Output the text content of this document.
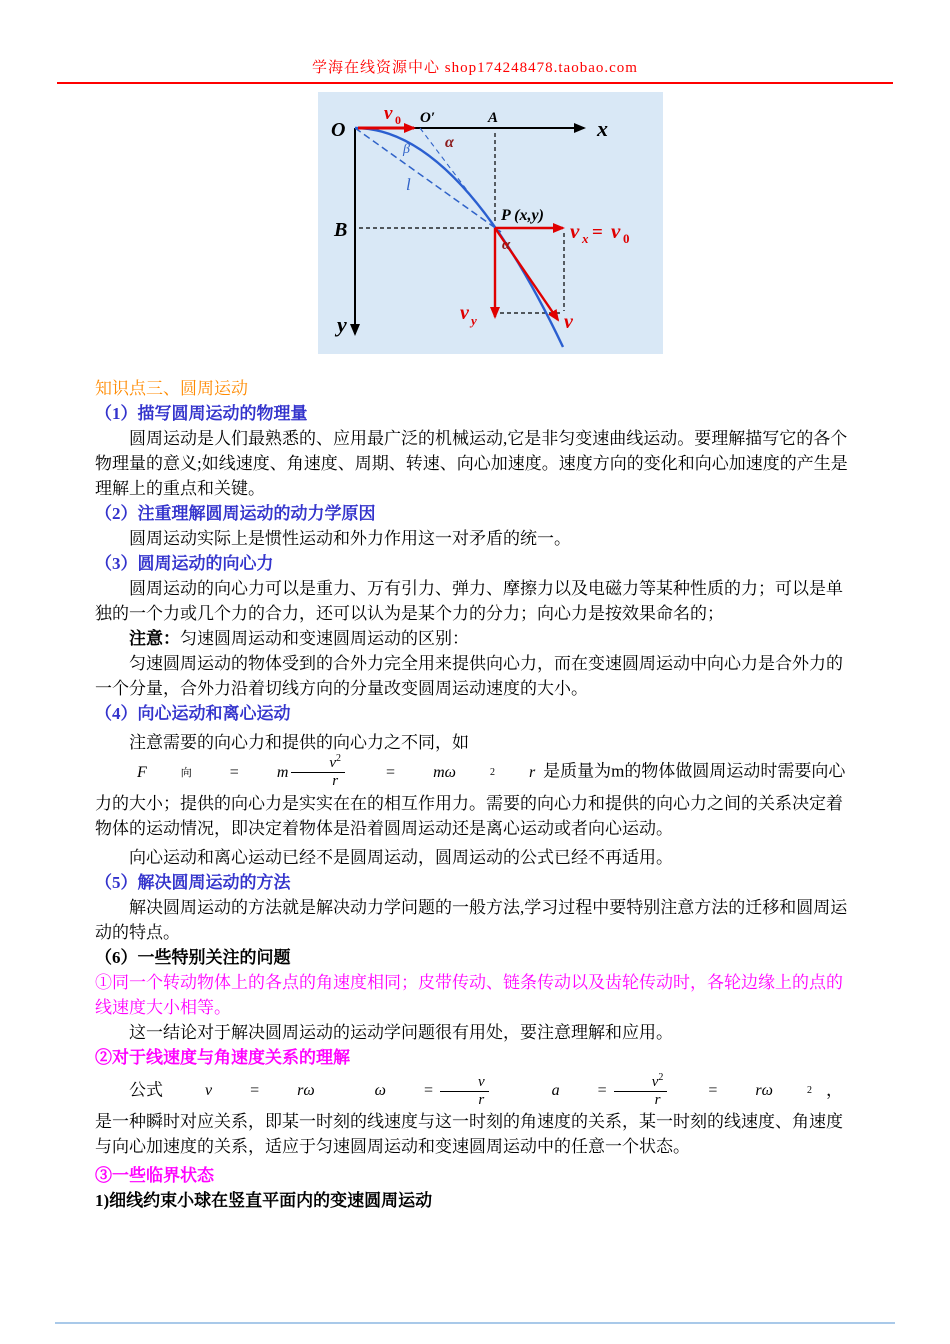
学海在线资源中心 shop174248478.taobao.com
O	x
y
B
O′	A
P (x,y)
v 0
β α
l
α
v x = v 0
v y	v

知识点三、圆周运动

（1）描写圆周运动的物理量

圆周运动是人们最熟悉的、应用最广泛的机械运动,它是非匀变速曲线运动。要理解描写它的各个物理量的意义;如线速度、角速度、周期、转速、向心加速度。速度方向的变化和向心加速度的产生是理解上的重点和关键。

（2）注重理解圆周运动的动力学原因

圆周运动实际上是惯性运动和外力作用这一对矛盾的统一。

（3）圆周运动的向心力

圆周运动的向心力可以是重力、万有引力、弹力、摩擦力以及电磁力等某种性质的力；可以是单独的一个力或几个力的合力，还可以认为是某个力的分力；向心力是按效果命名的；

注意：匀速圆周运动和变速圆周运动的区别：

匀速圆周运动的物体受到的合外力完全用来提供向心力，而在变速圆周运动中向心力是合外力的一个分量，合外力沿着切线方向的分量改变圆周运动速度的大小。

（4）向心运动和离心运动

注意需要的向心力和提供的向心力之不同，如
F	向	=	m $\frac{v^2}{r}$	=	mω	2	r 是质量为m的物体做圆周运动时需要向心力的大小；提供的向心力是实实在在的相互作用力。需要的向心力和提供的向心力之间的关系决定着物体的运动情况，即决定着物体是沿着圆周运动还是离心运动或者向心运动。

向心运动和离心运动已经不是圆周运动，圆周运动的公式已经不再适用。

（5）解决圆周运动的方法

解决圆周运动的方法就是解决动力学问题的一般方法,学习过程中要特别注意方法的迁移和圆周运动的特点。

（6）一些特别关注的问题

①同一个转动物体上的各点的角速度相同；皮带传动、链条传动以及齿轮传动时，各轮边缘上的点的线速度大小相等。

这一结论对于解决圆周运动的运动学问题很有用处，要注意理解和应用。

②对于线速度与角速度关系的理解

公式	v	=	rω	ω	= $\frac{v}{r}$	a	= $\frac{v^2}{r}$	=	rω	2 ，是一种瞬时对应关系，即某一时刻的线速度与这一时刻的角速度的关系，某一时刻的线速度、角速度与向心加速度的关系，适应于匀速圆周运动和变速圆周运动中的任意一个状态。

③一些临界状态

1)细线约束小球在竖直平面内的变速圆周运动
